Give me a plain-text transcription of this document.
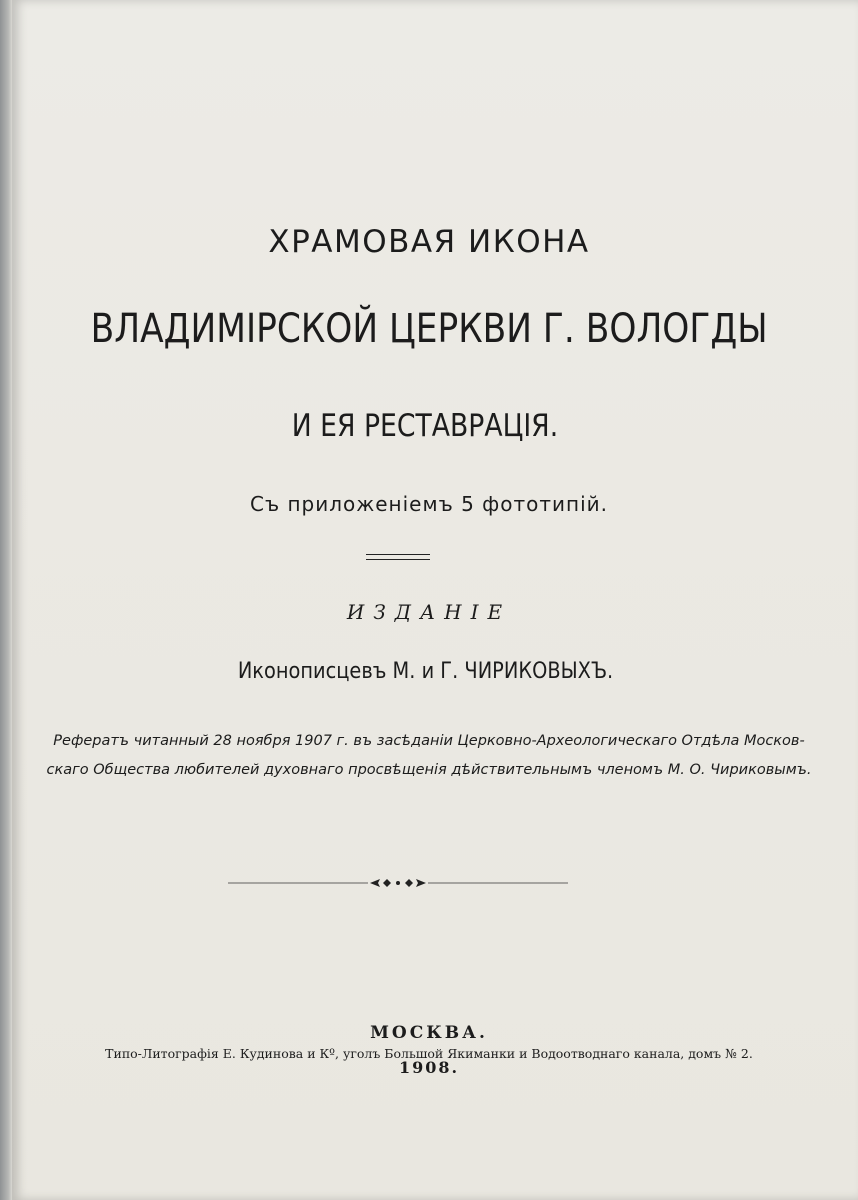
ХРАМОВАЯ ИКОНА
ВЛАДИМІРСКОЙ ЦЕРКВИ Г. ВОЛОГДЫ
И ЕЯ РЕСТАВРАЦІЯ.
Съ приложеніемъ 5 фототипій.
ИЗДАНІЕ
Иконописцевъ М. и Г. ЧИРИКОВЫХЪ.
Рефератъ читанный 28 ноября 1907 г. въ засѣданіи Церковно-Археологическаго Отдѣла Москов-
скаго Общества любителей духовнаго просвѣщенія дѣйствительнымъ членомъ М. О. Чириковымъ.
МОСКВА.
Типо-Литографія Е. Кудинова и Кº, уголъ Большой Якиманки и Водоотводнаго канала, домъ № 2.
1908.
